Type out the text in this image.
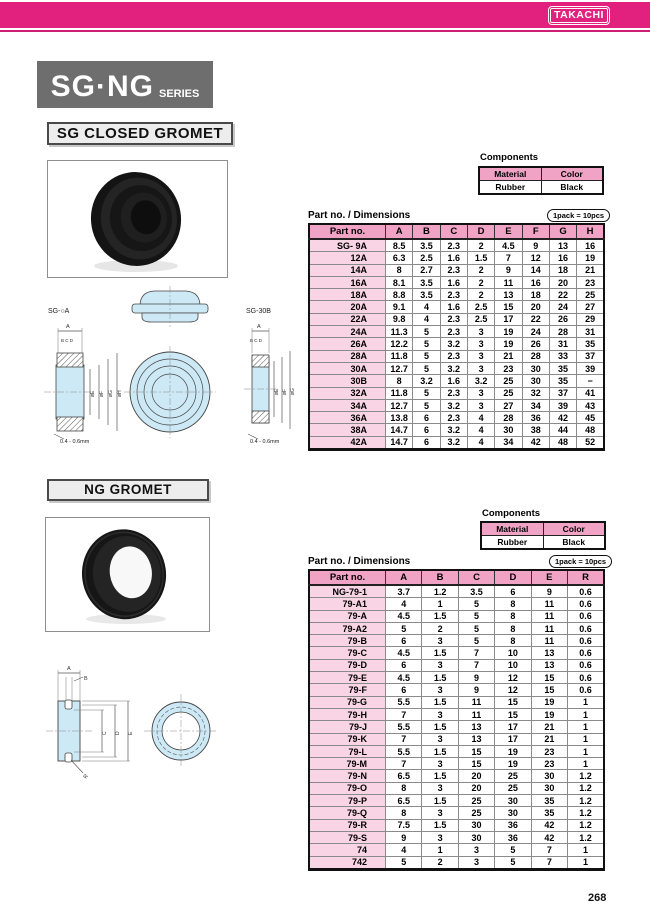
TAKACHI
SG·NG SERIES
SG CLOSED GROMET
SG-○A
A
B C D
øE øF øG øH
0.4 - 0.6mm
SG-30B
A
B C D
øE øF øG
0.4 - 0.6mm
Components
Material	Color
Rubber	Black
Part no. / Dimensions	1pack = 10pcs
Part no.	A	B	C	D	E	F	G	H
SG- 9A	8.5	3.5	2.3	2	4.5	9	13	16
12A	6.3	2.5	1.6	1.5	7	12	16	19
14A	8	2.7	2.3	2	9	14	18	21
16A	8.1	3.5	1.6	2	11	16	20	23
18A	8.8	3.5	2.3	2	13	18	22	25
20A	9.1	4	1.6	2.5	15	20	24	27
22A	9.8	4	2.3	2.5	17	22	26	29
24A	11.3	5	2.3	3	19	24	28	31
26A	12.2	5	3.2	3	19	26	31	35
28A	11.8	5	2.3	3	21	28	33	37
30A	12.7	5	3.2	3	23	30	35	39
30B	8	3.2	1.6	3.2	25	30	35	−
32A	11.8	5	2.3	3	25	32	37	41
34A	12.7	5	3.2	3	27	34	39	43
36A	13.8	6	2.3	4	28	36	42	45
38A	14.7	6	3.2	4	30	38	44	48
42A	14.7	6	3.2	4	34	42	48	52
NG GROMET
A
B
C D E
R
Components
Material	Color
Rubber	Black
Part no. / Dimensions	1pack = 10pcs
Part no.	A	B	C	D	E	R
NG-79-1	3.7	1.2	3.5	6	9	0.6
79-A1	4	1	5	8	11	0.6
79-A	4.5	1.5	5	8	11	0.6
79-A2	5	2	5	8	11	0.6
79-B	6	3	5	8	11	0.6
79-C	4.5	1.5	7	10	13	0.6
79-D	6	3	7	10	13	0.6
79-E	4.5	1.5	9	12	15	0.6
79-F	6	3	9	12	15	0.6
79-G	5.5	1.5	11	15	19	1
79-H	7	3	11	15	19	1
79-J	5.5	1.5	13	17	21	1
79-K	7	3	13	17	21	1
79-L	5.5	1.5	15	19	23	1
79-M	7	3	15	19	23	1
79-N	6.5	1.5	20	25	30	1.2
79-O	8	3	20	25	30	1.2
79-P	6.5	1.5	25	30	35	1.2
79-Q	8	3	25	30	35	1.2
79-R	7.5	1.5	30	36	42	1.2
79-S	9	3	30	36	42	1.2
74	4	1	3	5	7	1
742	5	2	3	5	7	1
268
